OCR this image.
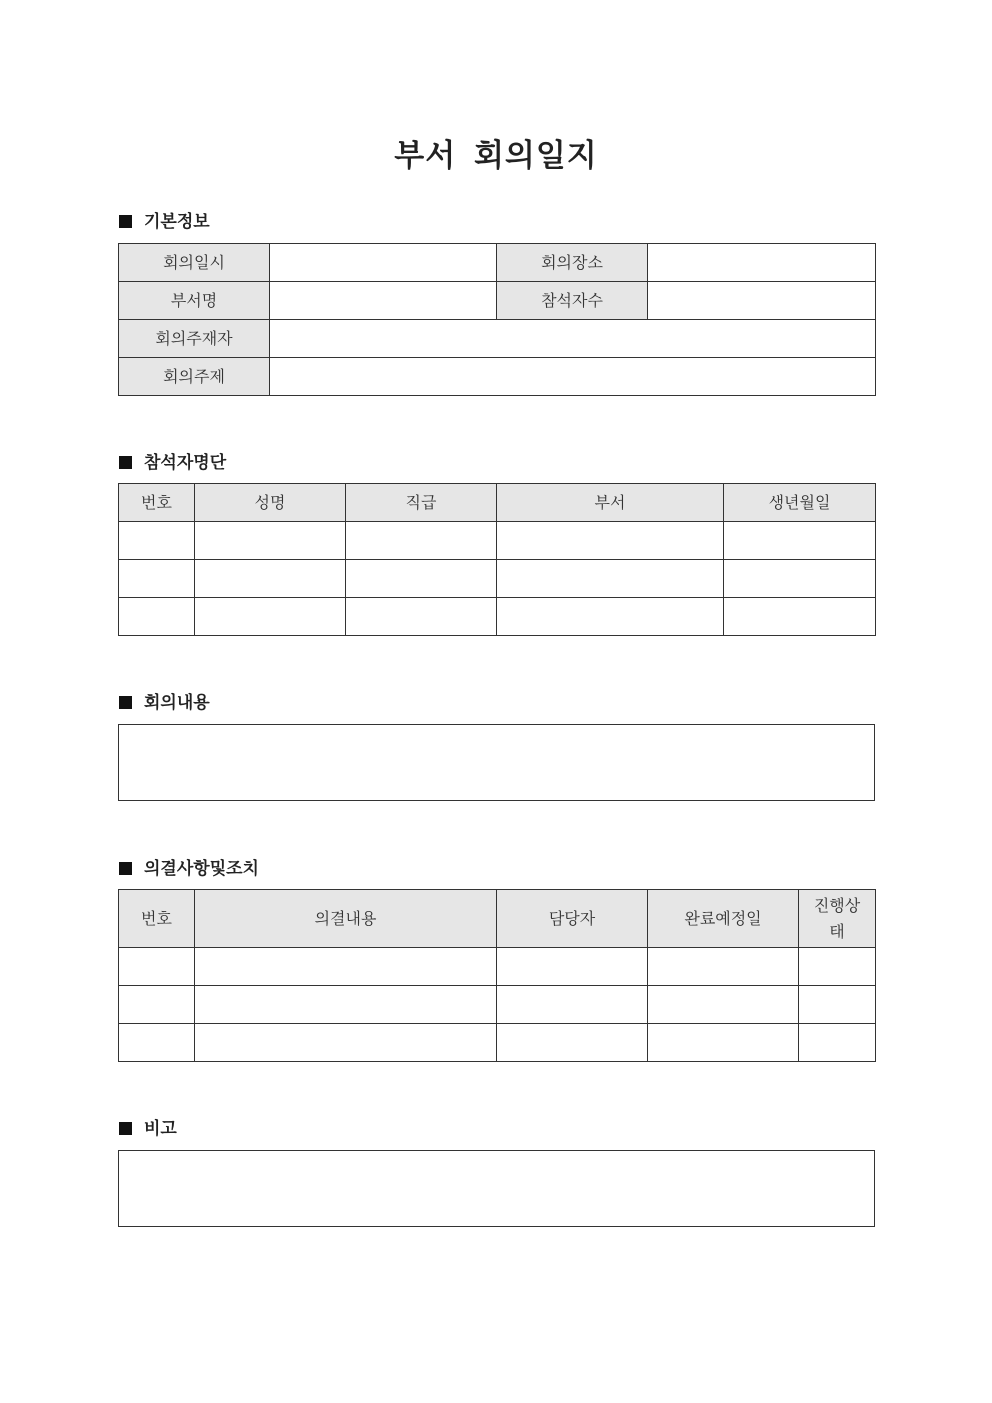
부서 회의일지
기본정보
회의일시		회의장소	
부서명		참석자수	
회의주재자			
회의주제			
참석자명단
번호	성명	직급	부서	생년월일

회의내용
의결사항및조치
번호	의결내용	담당자	완료예정일	진행상태

비고
